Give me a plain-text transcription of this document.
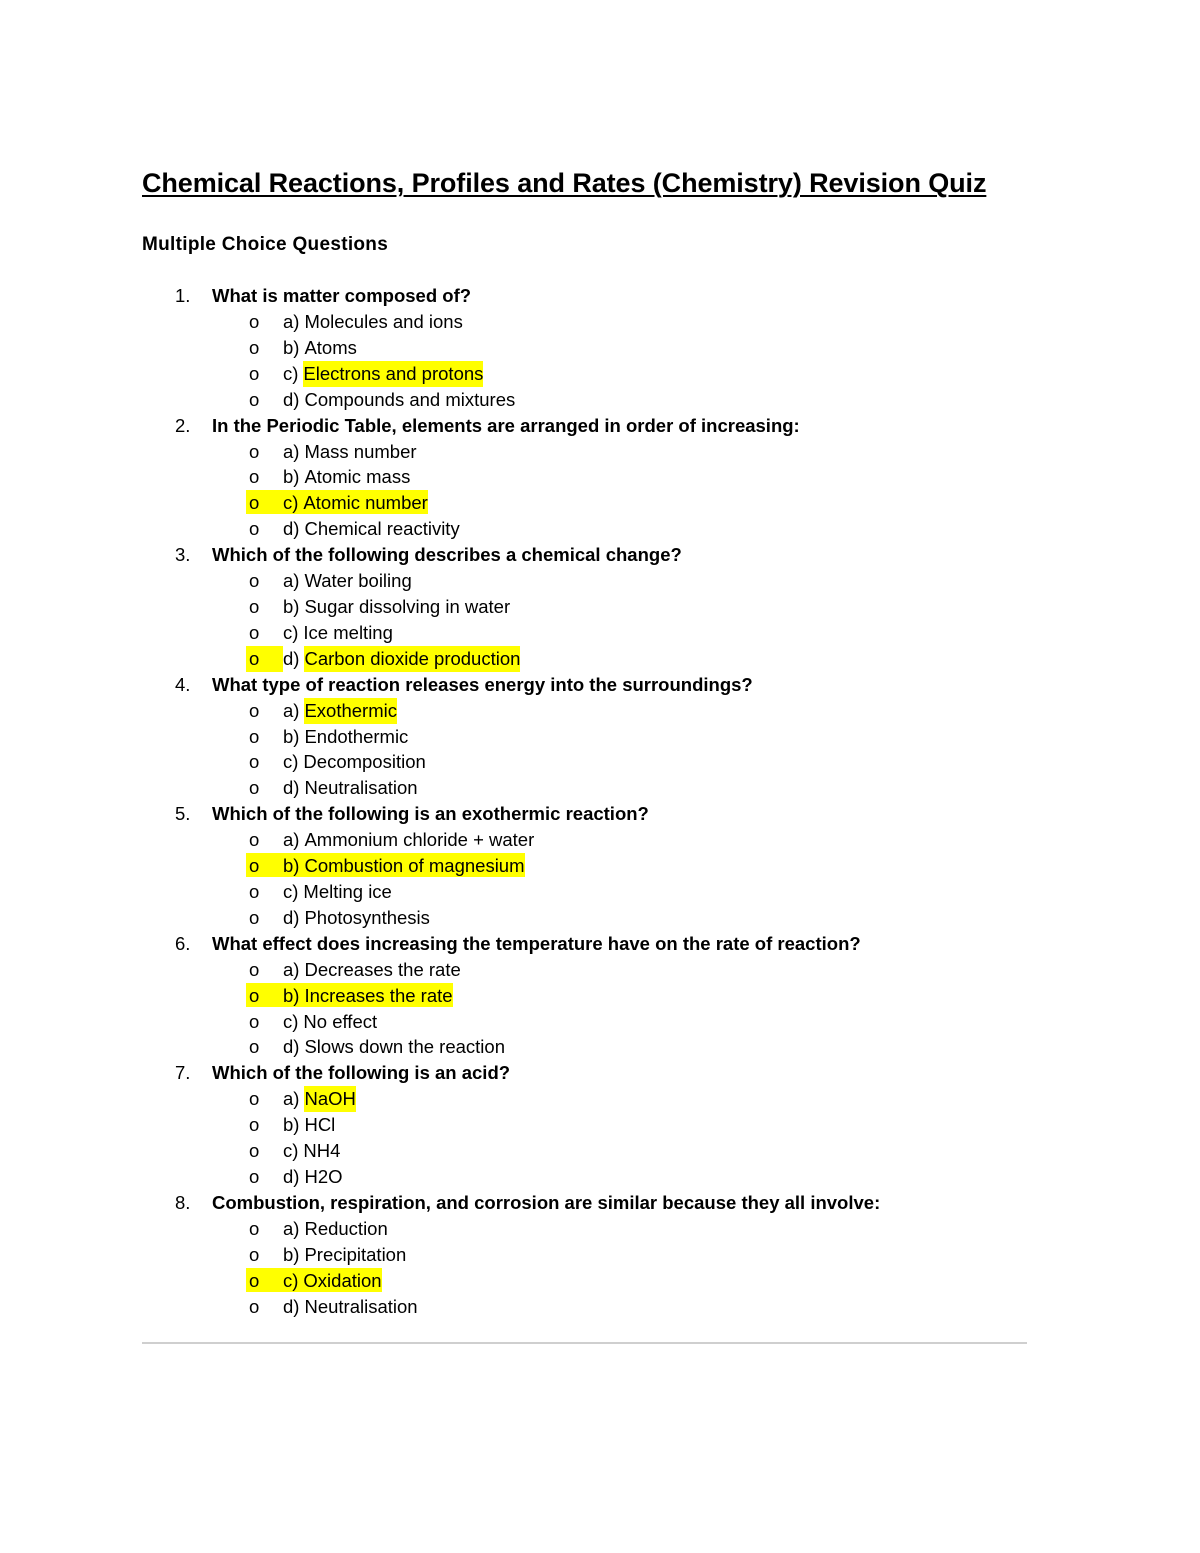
Chemical Reactions, Profiles and Rates (Chemistry) Revision Quiz
Multiple Choice Questions
1. What is matter composed of?
o	a) Molecules and ions
o	b) Atoms
o	c) Electrons and protons
o	d) Compounds and mixtures
2. In the Periodic Table, elements are arranged in order of increasing:
o	a) Mass number
o	b) Atomic mass
o	c) Atomic number
o	d) Chemical reactivity
3. Which of the following describes a chemical change?
o	a) Water boiling
o	b) Sugar dissolving in water
o	c) Ice melting
o	d) Carbon dioxide production
4. What type of reaction releases energy into the surroundings?
o	a) Exothermic
o	b) Endothermic
o	c) Decomposition
o	d) Neutralisation
5. Which of the following is an exothermic reaction?
o	a) Ammonium chloride + water
o	b) Combustion of magnesium
o	c) Melting ice
o	d) Photosynthesis
6. What effect does increasing the temperature have on the rate of reaction?
o	a) Decreases the rate
o	b) Increases the rate
o	c) No effect
o	d) Slows down the reaction
7. Which of the following is an acid?
o	a) NaOH
o	b) HCl
o	c) NH4
o	d) H2O
8. Combustion, respiration, and corrosion are similar because they all involve:
o	a) Reduction
o	b) Precipitation
o	c) Oxidation
o	d) Neutralisation
